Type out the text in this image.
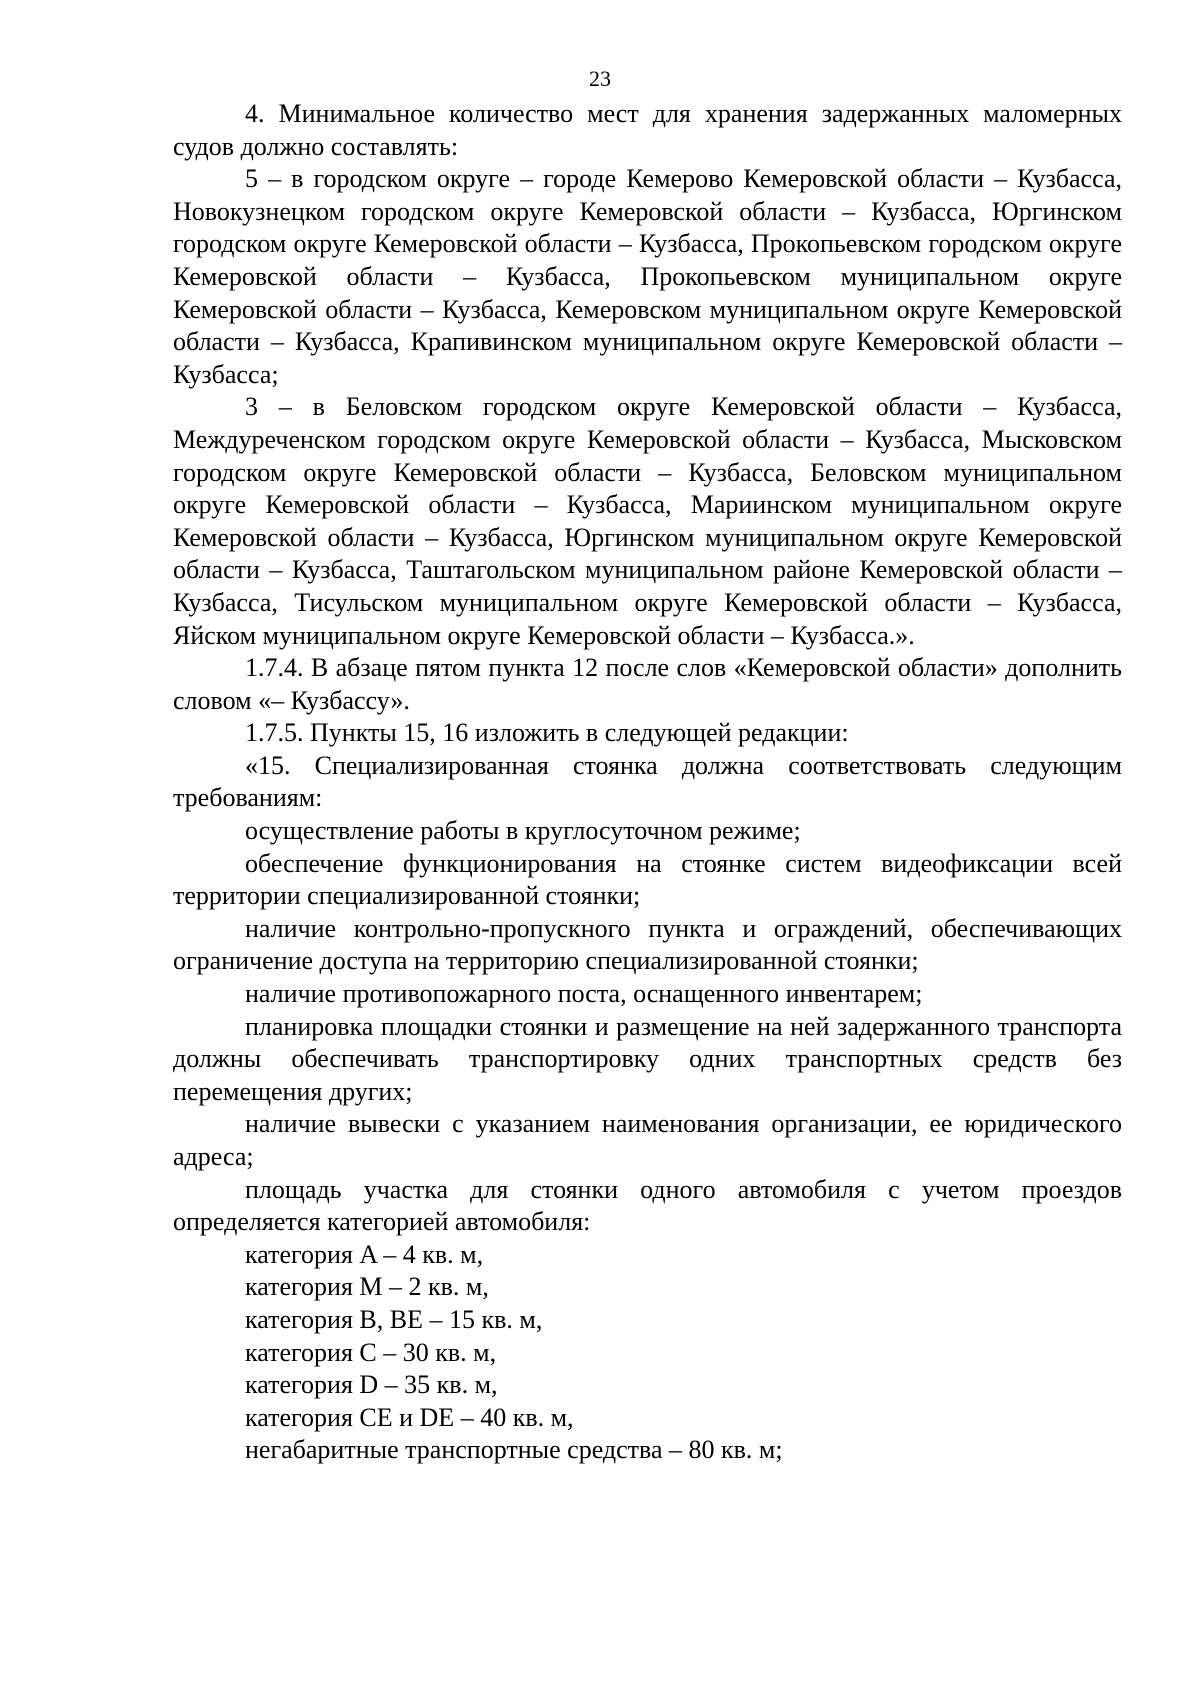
23

4. Минимальное количество мест для хранения задержанных маломерных судов должно составлять:

5 – в городском округе – городе Кемерово Кемеровской области – Кузбасса, Новокузнецком городском округе Кемеровской области – Кузбасса, Юргинском городском округе Кемеровской области – Кузбасса, Прокопьевском городском округе Кемеровской области – Кузбасса, Прокопьевском муниципальном округе Кемеровской области – Кузбасса, Кемеровском муниципальном округе Кемеровской области – Кузбасса, Крапивинском муниципальном округе Кемеровской области – Кузбасса;

3 – в Беловском городском округе Кемеровской области – Кузбасса, Междуреченском городском округе Кемеровской области – Кузбасса, Мысковском городском округе Кемеровской области – Кузбасса, Беловском муниципальном округе Кемеровской области – Кузбасса, Мариинском муниципальном округе Кемеровской области – Кузбасса, Юргинском муниципальном округе Кемеровской области – Кузбасса, Таштагольском муниципальном районе Кемеровской области – Кузбасса, Тисульском муниципальном округе Кемеровской области – Кузбасса, Яйском муниципальном округе Кемеровской области – Кузбасса.».

1.7.4. В абзаце пятом пункта 12 после слов «Кемеровской области» дополнить словом «– Кузбассу».

1.7.5. Пункты 15, 16 изложить в следующей редакции:

«15. Специализированная стоянка должна соответствовать следующим требованиям:

осуществление работы в круглосуточном режиме;

обеспечение функционирования на стоянке систем видеофиксации всей территории специализированной стоянки;

наличие контрольно-пропускного пункта и ограждений, обеспечивающих ограничение доступа на территорию специализированной стоянки;

наличие противопожарного поста, оснащенного инвентарем;

планировка площадки стоянки и размещение на ней задержанного транспорта должны обеспечивать транспортировку одних транспортных средств без перемещения других;

наличие вывески с указанием наименования организации, ее юридического адреса;

площадь участка для стоянки одного автомобиля с учетом проездов определяется категорией автомобиля:

категория A – 4 кв. м,

категория M – 2 кв. м,

категория B, BE – 15 кв. м,

категория C – 30 кв. м,

категория D – 35 кв. м,

категория CE и DE – 40 кв. м,

негабаритные транспортные средства – 80 кв. м;
